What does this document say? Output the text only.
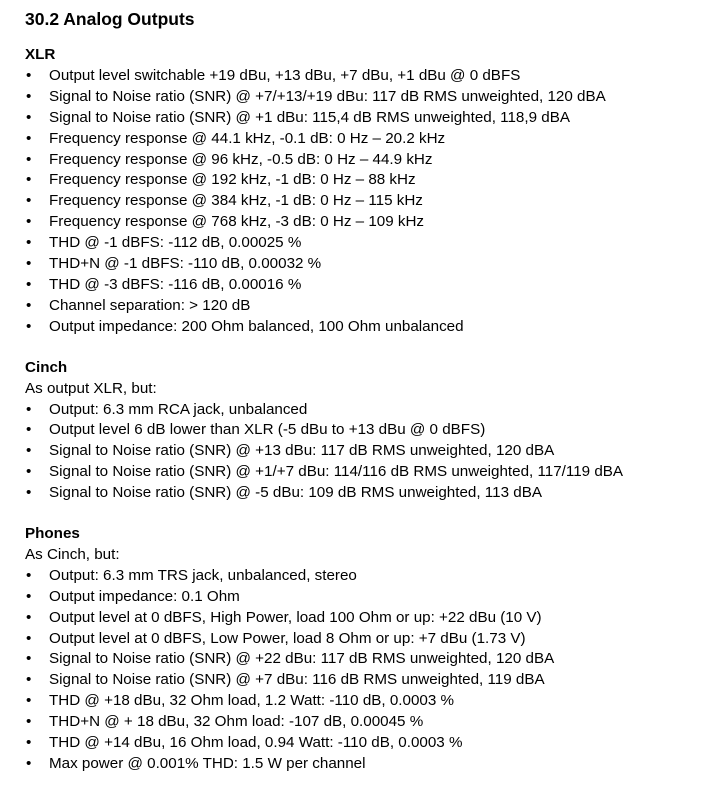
30.2 Analog Outputs
XLR
• Output level switchable +19 dBu, +13 dBu, +7 dBu, +1 dBu @ 0 dBFS
• Signal to Noise ratio (SNR) @ +7/+13/+19 dBu: 117 dB RMS unweighted, 120 dBA
• Signal to Noise ratio (SNR) @ +1 dBu: 115,4 dB RMS unweighted, 118,9 dBA
• Frequency response @ 44.1 kHz, -0.1 dB: 0 Hz – 20.2 kHz
• Frequency response @ 96 kHz, -0.5 dB: 0 Hz – 44.9 kHz
• Frequency response @ 192 kHz, -1 dB: 0 Hz – 88 kHz
• Frequency response @ 384 kHz, -1 dB: 0 Hz – 115 kHz
• Frequency response @ 768 kHz, -3 dB: 0 Hz – 109 kHz
• THD @ -1 dBFS: -112 dB, 0.00025 %
• THD+N @ -1 dBFS: -110 dB, 0.00032 %
• THD @ -3 dBFS: -116 dB, 0.00016 %
• Channel separation: > 120 dB
• Output impedance: 200 Ohm balanced, 100 Ohm unbalanced
Cinch
As output XLR, but:
• Output: 6.3 mm RCA jack, unbalanced
• Output level 6 dB lower than XLR (-5 dBu to +13 dBu @ 0 dBFS)
• Signal to Noise ratio (SNR) @ +13 dBu: 117 dB RMS unweighted, 120 dBA
• Signal to Noise ratio (SNR) @ +1/+7 dBu: 114/116 dB RMS unweighted, 117/119 dBA
• Signal to Noise ratio (SNR) @ -5 dBu: 109 dB RMS unweighted, 113 dBA
Phones
As Cinch, but:
• Output: 6.3 mm TRS jack, unbalanced, stereo
• Output impedance: 0.1 Ohm
• Output level at 0 dBFS, High Power, load 100 Ohm or up: +22 dBu (10 V)
• Output level at 0 dBFS, Low Power, load 8 Ohm or up: +7 dBu (1.73 V)
• Signal to Noise ratio (SNR) @ +22 dBu: 117 dB RMS unweighted, 120 dBA
• Signal to Noise ratio (SNR) @ +7 dBu: 116 dB RMS unweighted, 119 dBA
• THD @ +18 dBu, 32 Ohm load, 1.2 Watt: -110 dB, 0.0003 %
• THD+N @ + 18 dBu, 32 Ohm load: -107 dB, 0.00045 %
• THD @ +14 dBu, 16 Ohm load, 0.94 Watt: -110 dB, 0.0003 %
• Max power @ 0.001% THD: 1.5 W per channel
